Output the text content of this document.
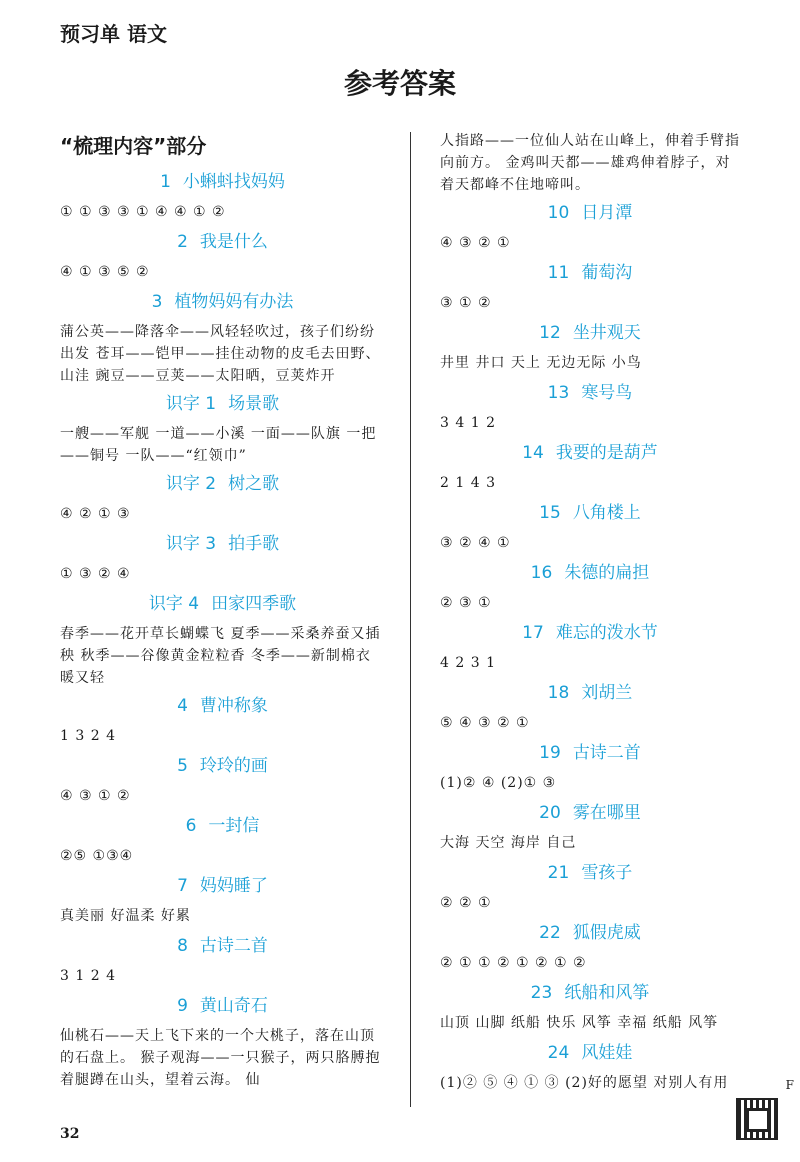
预习单 语文
参考答案
“梳理内容”部分
1 小蝌蚪找妈妈
① ① ③ ③ ① ④ ④ ① ②
2 我是什么
④ ① ③ ⑤ ②
3 植物妈妈有办法
蒲公英——降落伞——风轻轻吹过，孩子们纷纷出发 苍耳——铠甲——挂住动物的皮毛去田野、山洼 豌豆——豆荚——太阳晒，豆荚炸开
识字 1 场景歌
一艘——军舰 一道——小溪 一面——队旗 一把——铜号 一队——“红领巾”
识字 2 树之歌
④ ② ① ③
识字 3 拍手歌
① ③ ② ④
识字 4 田家四季歌
春季——花开草长蝴蝶飞 夏季——采桑养蚕又插秧 秋季——谷像黄金粒粒香 冬季——新制棉衣暖又轻
4 曹冲称象
1 3 2 4
5 玲玲的画
④ ③ ① ②
6 一封信
②⑤ ①③④
7 妈妈睡了
真美丽 好温柔 好累
8 古诗二首
3 1 2 4
9 黄山奇石
仙桃石——天上飞下来的一个大桃子，落在山顶的石盘上。 猴子观海——一只猴子，两只胳膊抱着腿蹲在山头，望着云海。 仙
人指路——一位仙人站在山峰上，伸着手臂指向前方。 金鸡叫天都——雄鸡伸着脖子，对着天都峰不住地啼叫。
10 日月潭
④ ③ ② ①
11 葡萄沟
③ ① ②
12 坐井观天
井里 井口 天上 无边无际 小鸟
13 寒号鸟
3 4 1 2
14 我要的是葫芦
2 1 4 3
15 八角楼上
③ ② ④ ①
16 朱德的扁担
② ③ ①
17 难忘的泼水节
4 2 3 1
18 刘胡兰
⑤ ④ ③ ② ①
19 古诗二首
(1)② ④ (2)① ③
20 雾在哪里
大海 天空 海岸 自己
21 雪孩子
② ② ①
22 狐假虎威
② ① ① ② ① ② ① ②
23 纸船和风筝
山顶 山脚 纸船 快乐 风筝 幸福 纸船 风筝
24 风娃娃
(1)② ⑤ ④ ① ③ (2)好的愿望 对别人有用
32
F
